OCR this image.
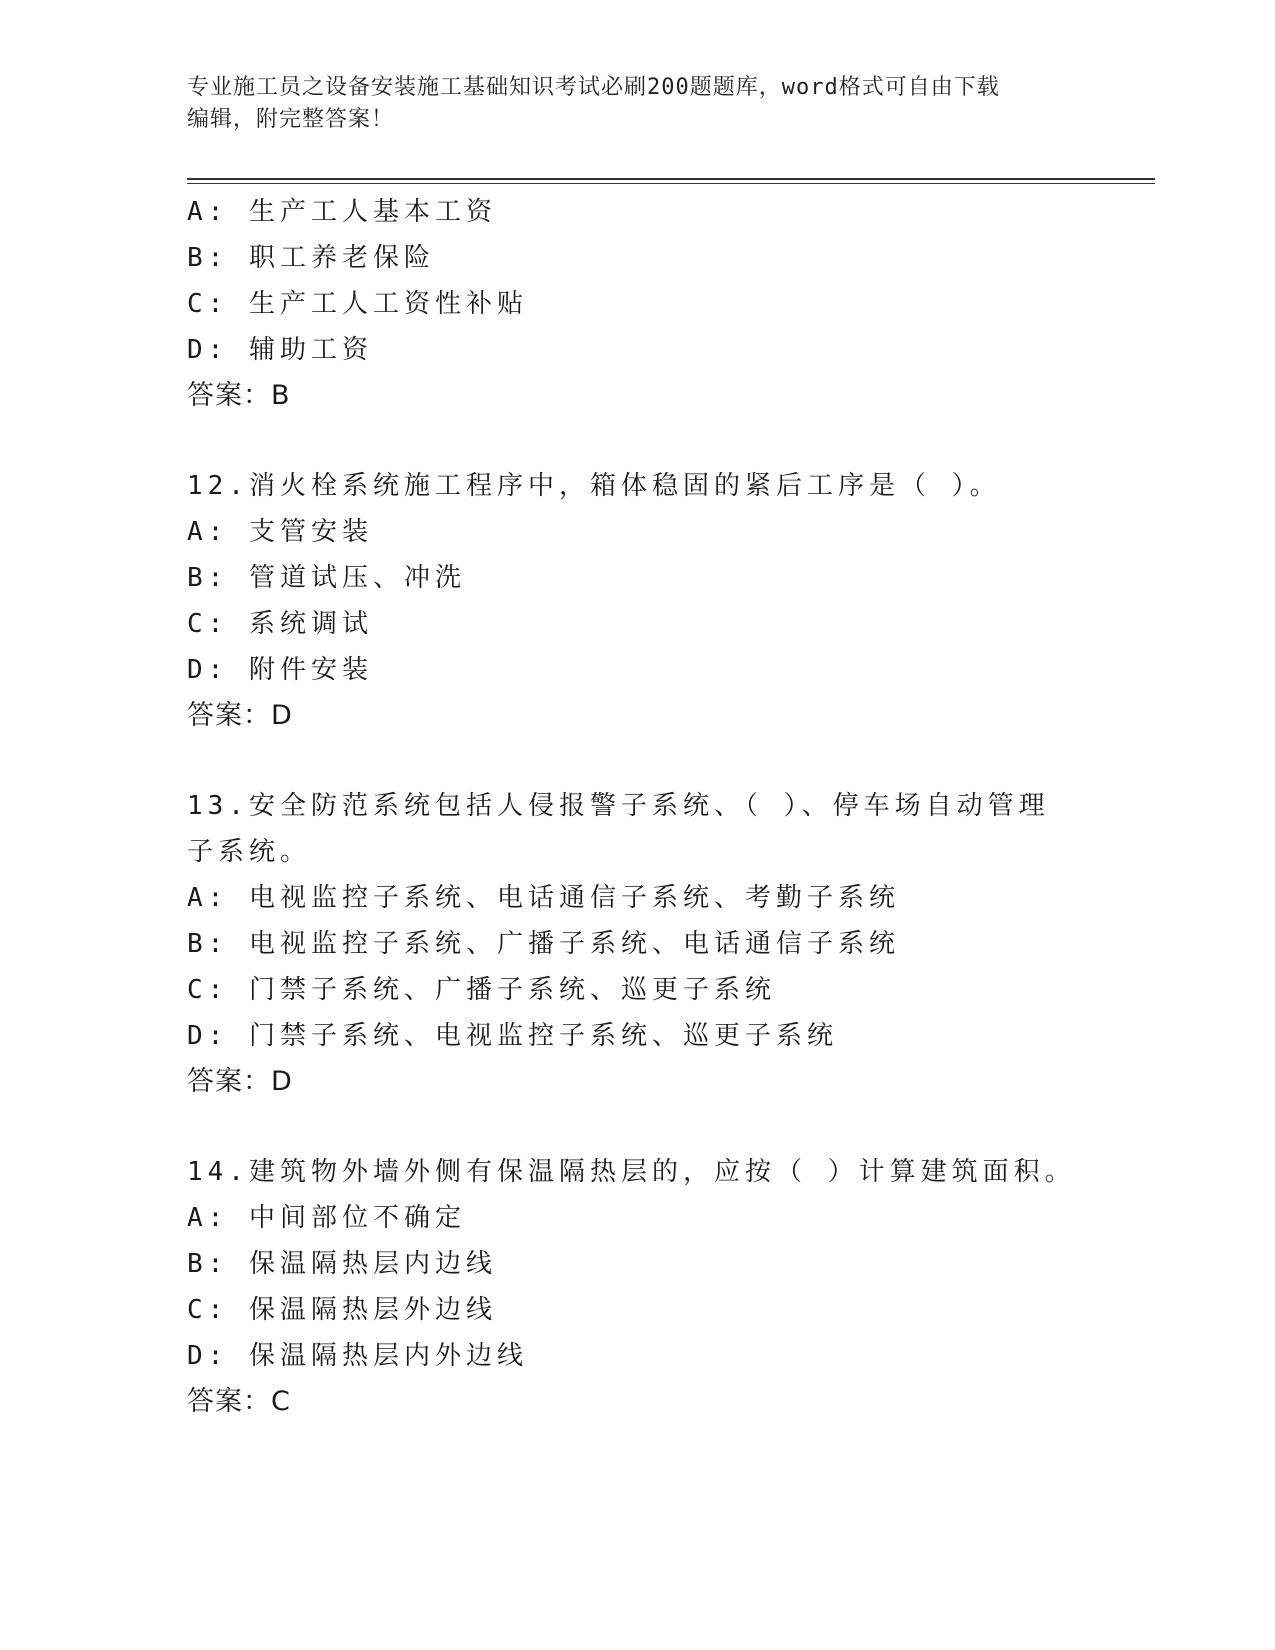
专业施工员之设备安装施工基础知识考试必刷200题题库，word格式可自由下载
编辑，附完整答案！
A: 生产工人基本工资
B: 职工养老保险
C: 生产工人工资性补贴
D: 辅助工资
答案：B
12.消火栓系统施工程序中，箱体稳固的紧后工序是（ ）。
A: 支管安装
B: 管道试压、冲洗
C: 系统调试
D: 附件安装
答案：D
13.安全防范系统包括人侵报警子系统、（ ）、停车场自动管理子系统。
A: 电视监控子系统、电话通信子系统、考勤子系统
B: 电视监控子系统、广播子系统、电话通信子系统
C: 门禁子系统、广播子系统、巡更子系统
D: 门禁子系统、电视监控子系统、巡更子系统
答案：D
14.建筑物外墙外侧有保温隔热层的，应按（ ）计算建筑面积。
A: 中间部位不确定
B: 保温隔热层内边线
C: 保温隔热层外边线
D: 保温隔热层内外边线
答案：C
